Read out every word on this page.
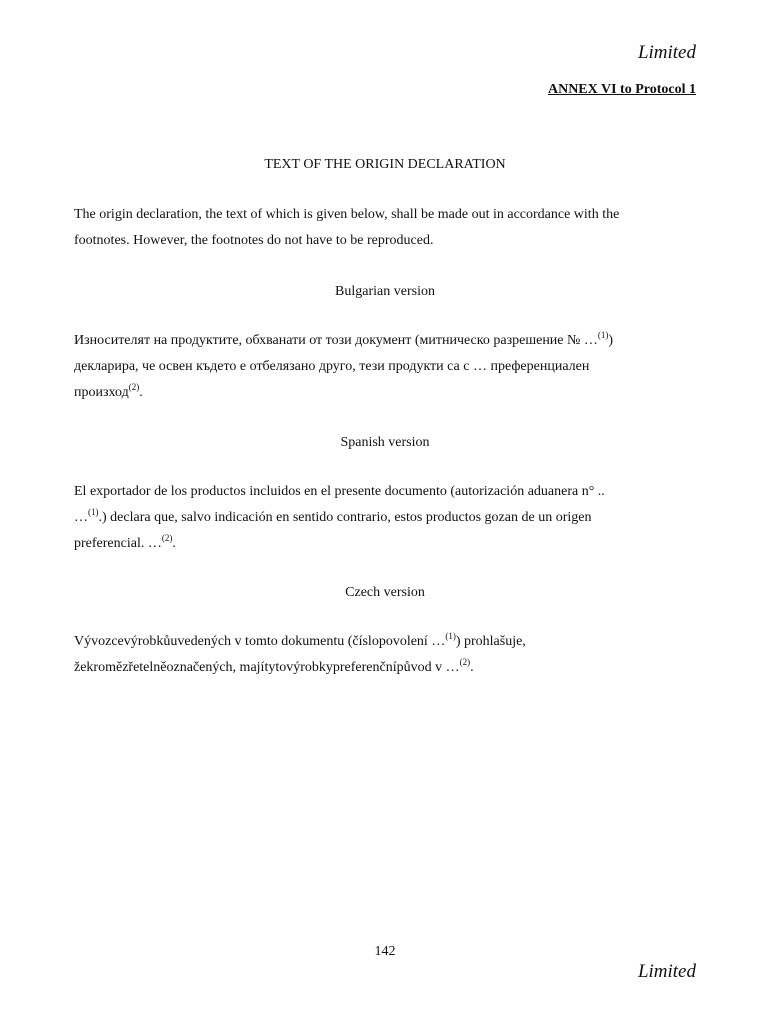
Limited
ANNEX VI to Protocol 1
TEXT OF THE ORIGIN DECLARATION
The origin declaration, the text of which is given below, shall be made out in accordance with the
footnotes. However, the footnotes do not have to be reproduced.
Bulgarian version
Износителят на продуктите, обхванати от този документ (митническо разрешение № …$^{(1)}$)
декларира, че освен където е отбелязано друго, тези продукти са с … преференциален
произход$^{(2)}$.
Spanish version
El exportador de los productos incluidos en el presente documento (autorización aduanera n° ..
…$^{(1)}$.) declara que, salvo indicación en sentido contrario, estos productos gozan de un origen
preferencial. …$^{(2)}$.
Czech version
Vývozcevýrobkůuvedených v tomto dokumentu (číslopovolení …$^{(1)}$) prohlašuje,
žekromězřetelněoznačených, majítytovýrobkypreferenčnípůvod v …$^{(2)}$.
142
Limited
